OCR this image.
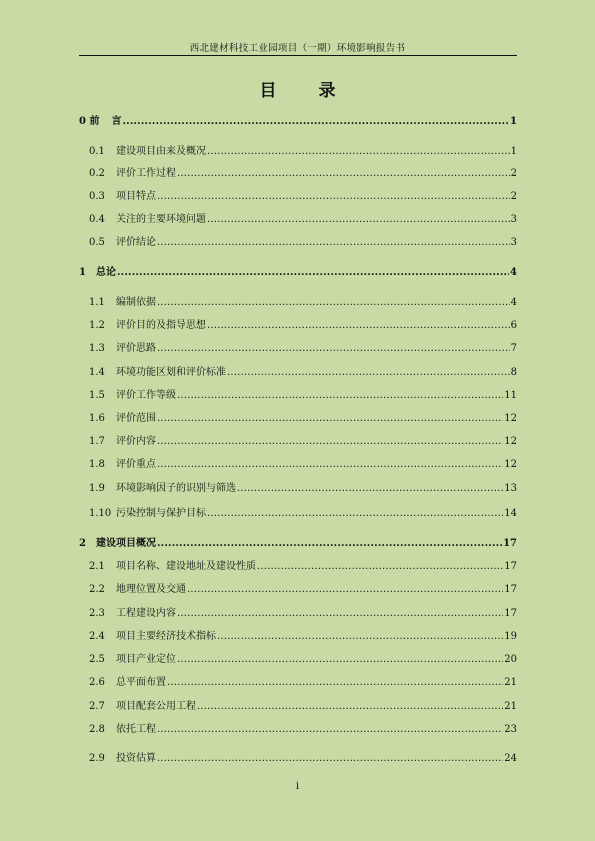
西北建材科技工业园项目（一期）环境影响报告书
目 录
0 前 言 .....	1
0.1	建设项目由来及概况 .....	1
0.2	评价工作过程 .....	2
0.3	项目特点 .....	2
0.4	关注的主要环境问题 .....	3
0.5	评价结论 .....	3
1 总论 .....	4
1.1	编制依据 .....	4
1.2	评价目的及指导思想 .....	6
1.3	评价思路 .....	7
1.4	环境功能区划和评价标准 .....	8
1.5	评价工作等级 .....	11
1.6	评价范围 .....	12
1.7	评价内容 .....	12
1.8	评价重点 .....	12
1.9	环境影响因子的识别与筛选 .....	13
1.10 污染控制与保护目标 .....	14
2 建设项目概况 .....	17
2.1	项目名称、建设地址及建设性质 .....	17
2.2	地理位置及交通 .....	17
2.3	工程建设内容 .....	17
2.4	项目主要经济技术指标 .....	19
2.5	项目产业定位 .....	20
2.6	总平面布置 .....	21
2.7	项目配套公用工程 .....	21
2.8	依托工程 .....	23
2.9	投资估算 .....	24
i
